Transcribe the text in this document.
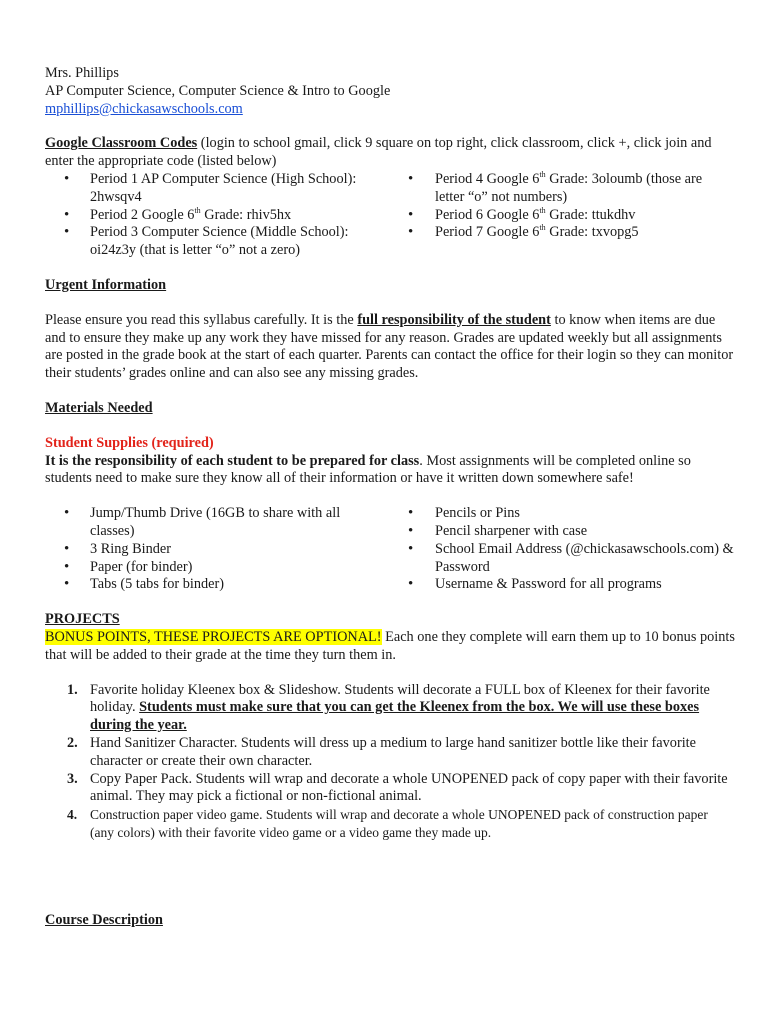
Mrs. Phillips

AP Computer Science, Computer Science & Intro to Google

mphillips@chickasawschools.com

Google Classroom Codes (login to school gmail, click 9 square on top right, click classroom, click +, click join and enter the appropriate code (listed below)

• Period 1 AP Computer Science (High School): 2hwsqv4
• Period 2 Google 6th Grade: rhiv5hx
• Period 3 Computer Science (Middle School): oi24z3y (that is letter “o” not a zero)
• Period 4 Google 6th Grade: 3oloumb (those are letter “o” not numbers)
• Period 6 Google 6th Grade: ttukdhv
• Period 7 Google 6th Grade: txvopg5

Urgent Information

Please ensure you read this syllabus carefully. It is the full responsibility of the student to know when items are due and to ensure they make up any work they have missed for any reason. Grades are updated weekly but all assignments are posted in the grade book at the start of each quarter. Parents can contact the office for their login so they can monitor their students’ grades online and can also see any missing grades.

Materials Needed

Student Supplies (required)

It is the responsibility of each student to be prepared for class. Most assignments will be completed online so students need to make sure they know all of their information or have it written down somewhere safe!

• Jump/Thumb Drive (16GB to share with all classes)
• 3 Ring Binder
• Paper (for binder)
• Tabs (5 tabs for binder)
• Pencils or Pins
• Pencil sharpener with case
• School Email Address (@chickasawschools.com) & Password
• Username & Password for all programs

PROJECTS

BONUS POINTS, THESE PROJECTS ARE OPTIONAL! Each one they complete will earn them up to 10 bonus points that will be added to their grade at the time they turn them in.

1. Favorite holiday Kleenex box & Slideshow. Students will decorate a FULL box of Kleenex for their favorite holiday. Students must make sure that you can get the Kleenex from the box. We will use these boxes during the year.
2. Hand Sanitizer Character. Students will dress up a medium to large hand sanitizer bottle like their favorite character or create their own character.
3. Copy Paper Pack. Students will wrap and decorate a whole UNOPENED pack of copy paper with their favorite animal. They may pick a fictional or non-fictional animal.
4. Construction paper video game. Students will wrap and decorate a whole UNOPENED pack of construction paper (any colors) with their favorite video game or a video game they made up.

Course Description
